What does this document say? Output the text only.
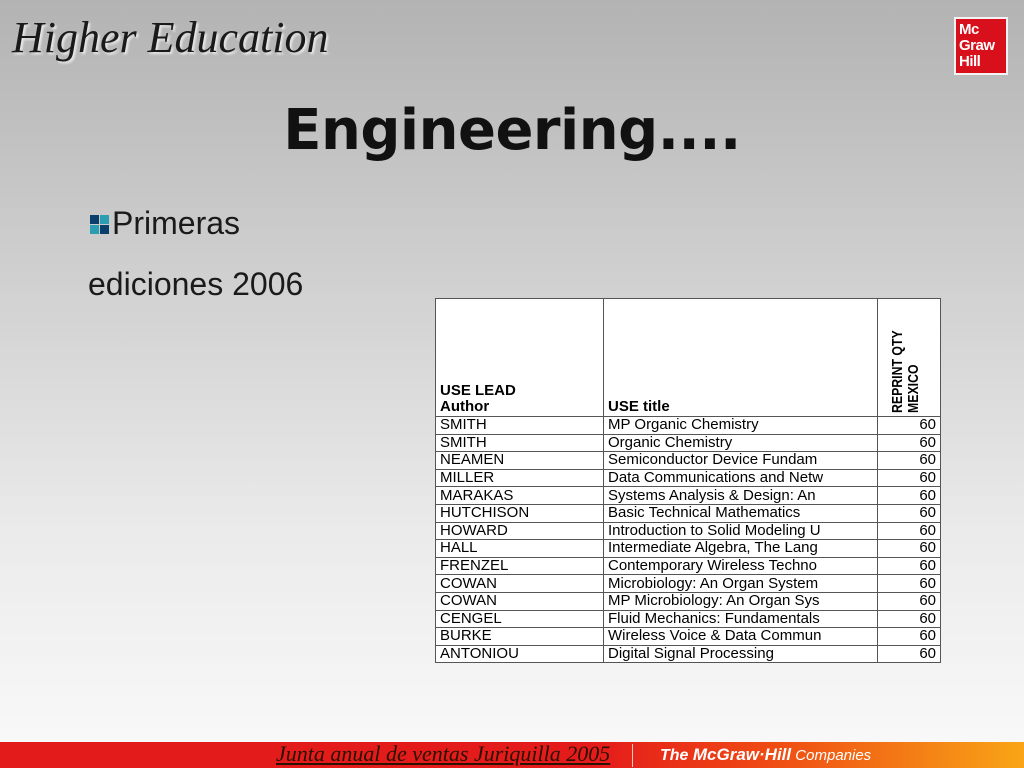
Higher Education	Mc
Graw
Hill
Engineering....
Primeras
ediciones 2006
USE LEAD
Author	USE title	REPRINT QTY MEXICO

SMITH	MP Organic Chemistry	60
SMITH	Organic Chemistry	60
NEAMEN	Semiconductor Device Fundam	60
MILLER	Data Communications and Netw	60
MARAKAS	Systems Analysis & Design: An	60
HUTCHISON	Basic Technical Mathematics	60
HOWARD	Introduction to Solid Modeling U	60
HALL	Intermediate Algebra, The Lang	60
FRENZEL	Contemporary Wireless Techno	60
COWAN	Microbiology: An Organ System	60
COWAN	MP Microbiology: An Organ Sys	60
CENGEL	Fluid Mechanics: Fundamentals	60
BURKE	Wireless Voice & Data Commun	60
ANTONIOU	Digital Signal Processing	60
Junta anual de ventas Juriquilla 2005	The McGraw·Hill Companies
